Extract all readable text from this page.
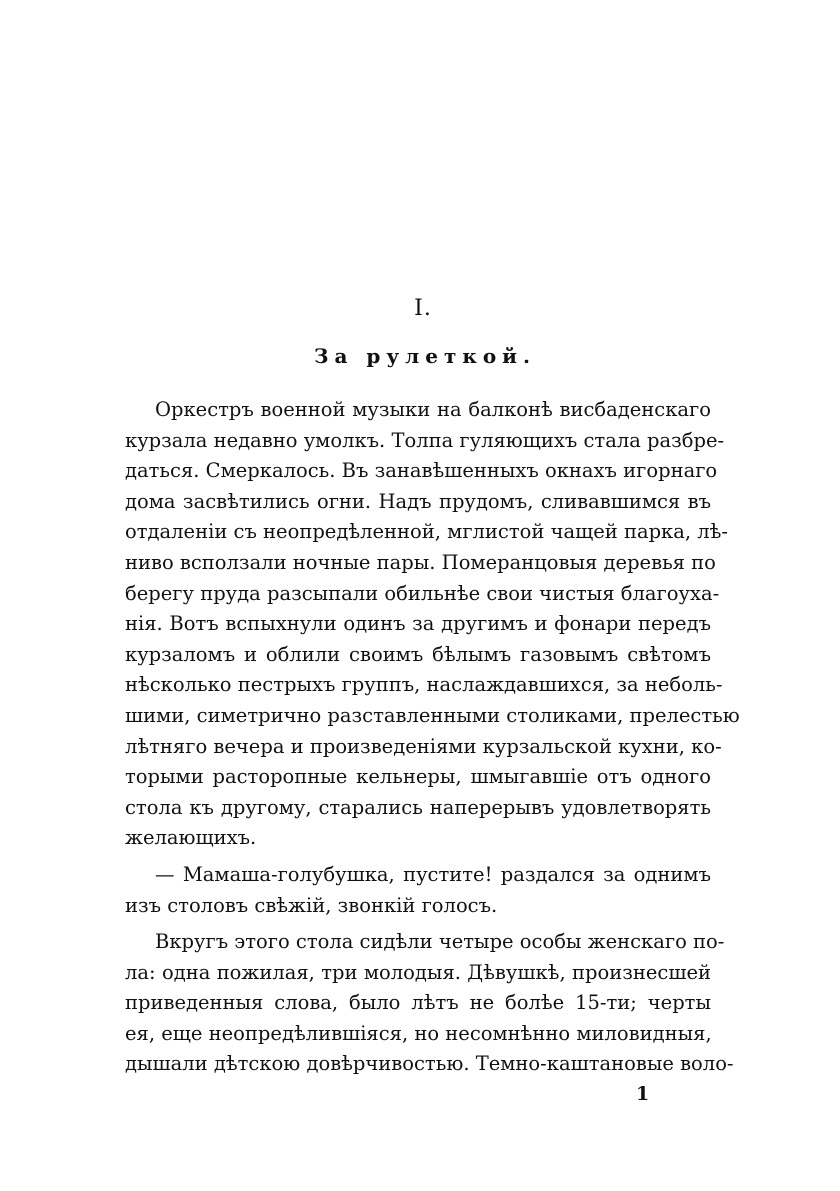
I.
За рулеткой.
Оркестръ военной музыки на балконѣ висбаденскаго
курзала недавно умолкъ. Толпа гуляющихъ стала разбре-
даться. Смеркалось. Въ занавѣшенныхъ окнахъ игорнаго
дома засвѣтились огни. Надъ прудомъ, сливавшимся въ
отдаленіи съ неопредѣленной, мглистой чащей парка, лѣ-
ниво всползали ночные пары. Померанцовыя деревья по
берегу пруда разсыпали обильнѣе свои чистыя благоуха-
нія. Вотъ вспыхнули одинъ за другимъ и фонари передъ
курзаломъ и облили своимъ бѣлымъ газовымъ свѣтомъ
нѣсколько пестрыхъ группъ, наслаждавшихся, за неболь-
шими, симетрично разставленными столиками, прелестью
лѣтняго вечера и произведеніями курзальской кухни, ко-
торыми расторопные кельнеры, шмыгавшіе отъ одного
стола къ другому, старались наперерывъ удовлетворять
желающихъ.
— Мамаша-голубушка, пустите! раздался за однимъ
изъ столовъ свѣжій, звонкій голосъ.
Вкругъ этого стола сидѣли четыре особы женскаго по-
ла: одна пожилая, три молодыя. Дѣвушкѣ, произнесшей
приведенныя слова, было лѣтъ не болѣе 15-ти; черты
ея, еще неопредѣлившіяся, но несомнѣнно миловидныя,
дышали дѣтскою довѣрчивостью. Темно-каштановые воло-
1
